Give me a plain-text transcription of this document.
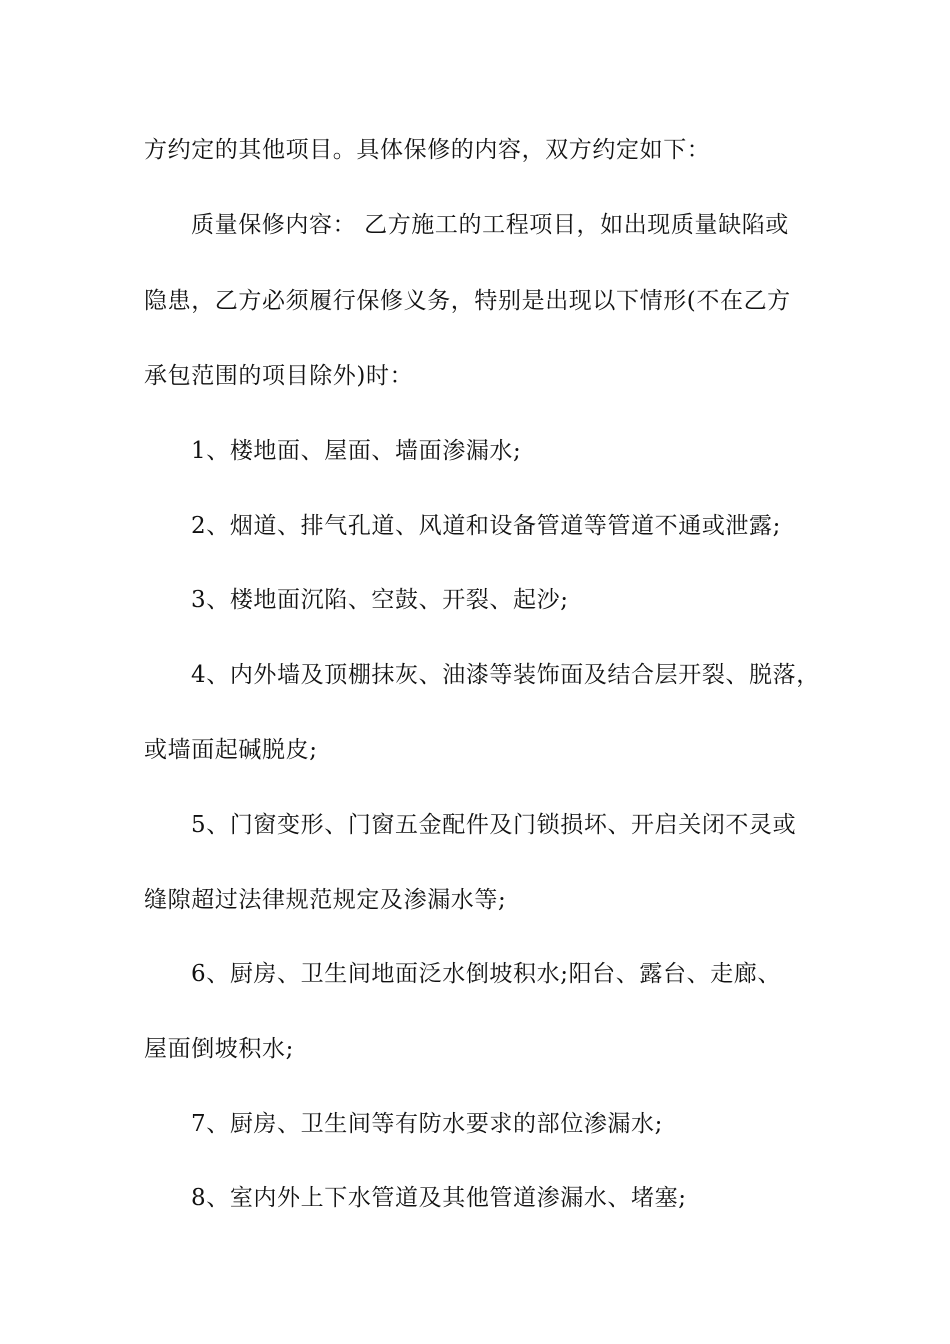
方约定的其他项目。具体保修的内容，双方约定如下：
质量保修内容： 乙方施工的工程项目，如出现质量缺陷或
隐患，乙方必须履行保修义务，特别是出现以下情形(不在乙方
承包范围的项目除外)时：
1、楼地面、屋面、墙面渗漏水;
2、烟道、排气孔道、风道和设备管道等管道不通或泄露;
3、楼地面沉陷、空鼓、开裂、起沙;
4、内外墙及顶棚抹灰、油漆等装饰面及结合层开裂、脱落，
或墙面起碱脱皮;
5、门窗变形、门窗五金配件及门锁损坏、开启关闭不灵或
缝隙超过法律规范规定及渗漏水等;
6、厨房、卫生间地面泛水倒坡积水;阳台、露台、走廊、
屋面倒坡积水;
7、厨房、卫生间等有防水要求的部位渗漏水;
8、室内外上下水管道及其他管道渗漏水、堵塞;
